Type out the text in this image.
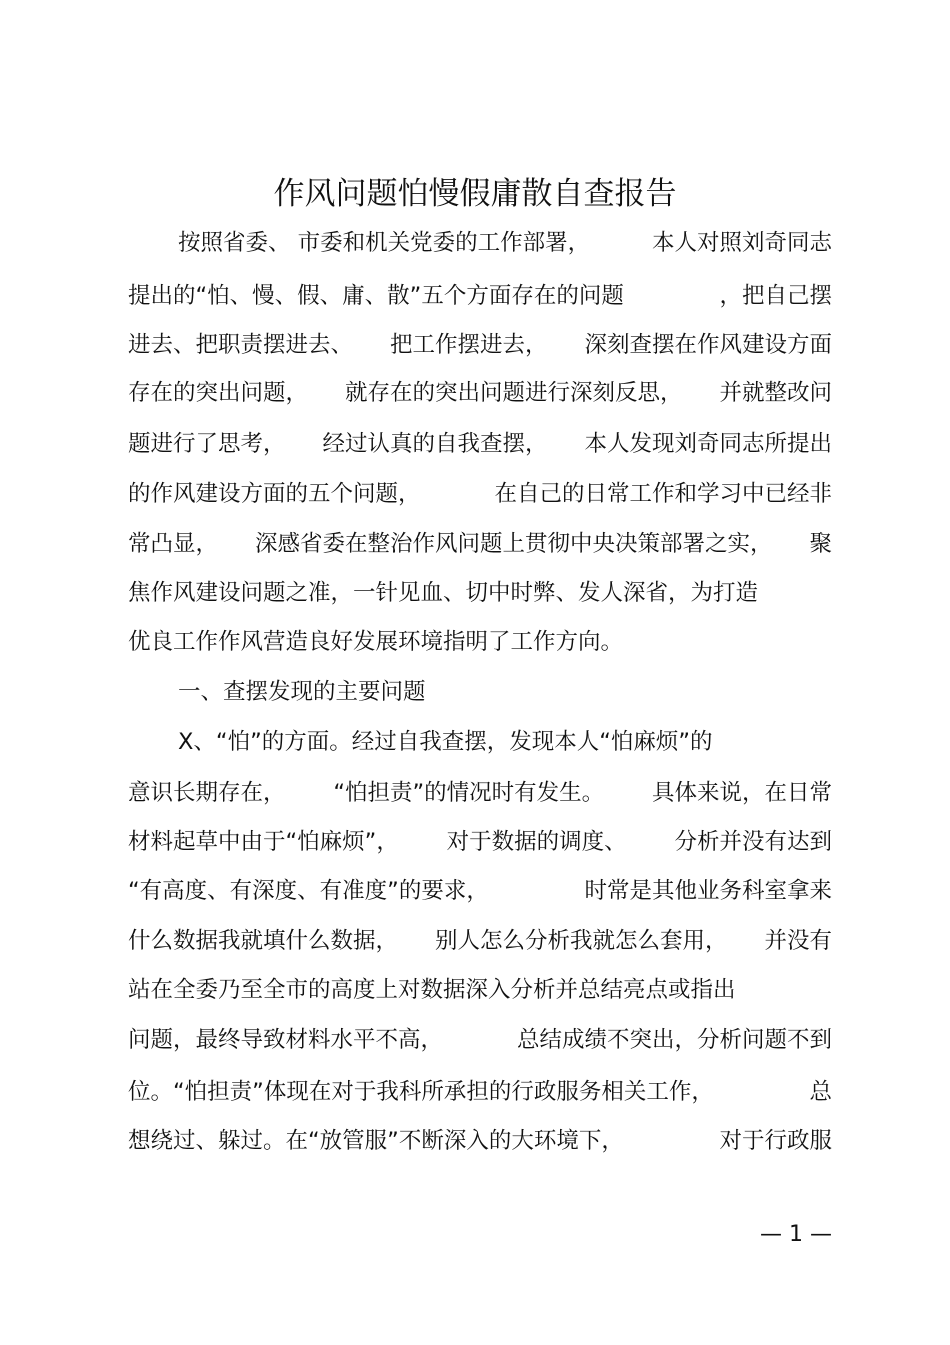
作风问题怕慢假庸散自查报告
按照省委、 市委和机关党委的工作部署，	本人对照刘奇同志
提出的“怕、慢、假、庸、散”五个方面存在的问题	，把自己摆
进去、把职责摆进去、 把工作摆进去， 深刻查摆在作风建设方面
存在的突出问题， 就存在的突出问题进行深刻反思， 并就整改问
题进行了思考， 经过认真的自我查摆， 本人发现刘奇同志所提出
的作风建设方面的五个问题，	在自己的日常工作和学习中已经非
常凸显， 深感省委在整治作风问题上贯彻中央决策部署之实， 聚
焦作风建设问题之准，一针见血、切中时弊、发人深省，为打造
优良工作作风营造良好发展环境指明了工作方向。
一、查摆发现的主要问题
X、“怕”的方面。经过自我查摆，发现本人“怕麻烦”的
意识长期存在， “怕担责”的情况时有发生。 具体来说，在日常
材料起草中由于“怕麻烦”， 对于数据的调度、 分析并没有达到
“有高度、有深度、有准度”的要求，	时常是其他业务科室拿来
什么数据我就填什么数据， 别人怎么分析我就怎么套用， 并没有
站在全委乃至全市的高度上对数据深入分析并总结亮点或指出
问题，最终导致材料水平不高，	总结成绩不突出，分析问题不到
位。“怕担责”体现在对于我科所承担的行政服务相关工作，	总
想绕过、躲过。在“放管服”不断深入的大环境下，	对于行政服
— 1 —
